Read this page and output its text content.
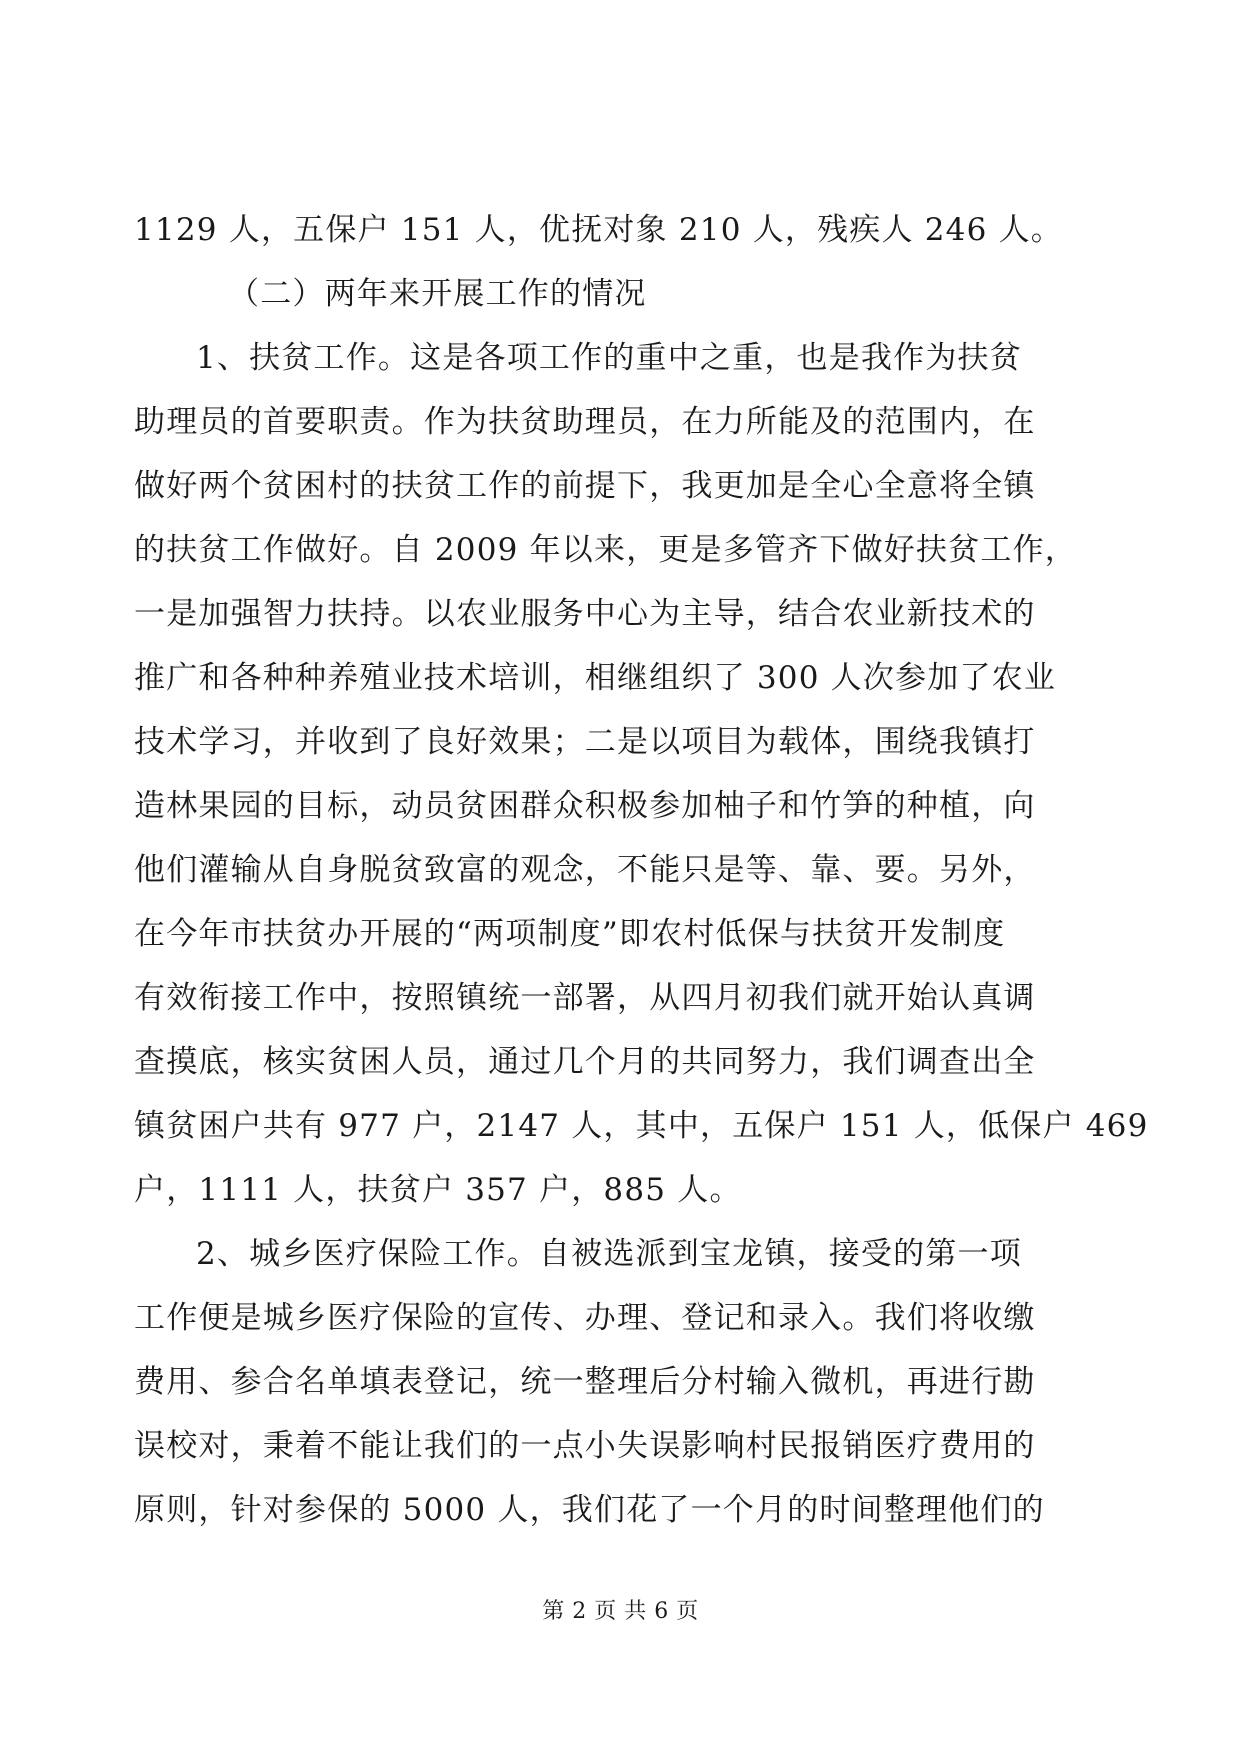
1129 人，五保户 151 人，优抚对象 210 人，残疾人 246 人。
（二）两年来开展工作的情况
1、扶贫工作。这是各项工作的重中之重，也是我作为扶贫
助理员的首要职责。作为扶贫助理员，在力所能及的范围内，在
做好两个贫困村的扶贫工作的前提下，我更加是全心全意将全镇
的扶贫工作做好。自 2009 年以来，更是多管齐下做好扶贫工作，
一是加强智力扶持。以农业服务中心为主导，结合农业新技术的
推广和各种种养殖业技术培训，相继组织了 300 人次参加了农业
技术学习，并收到了良好效果；二是以项目为载体，围绕我镇打
造林果园的目标，动员贫困群众积极参加柚子和竹笋的种植，向
他们灌输从自身脱贫致富的观念，不能只是等、靠、要。另外，
在今年市扶贫办开展的“两项制度”即农村低保与扶贫开发制度
有效衔接工作中，按照镇统一部署，从四月初我们就开始认真调
查摸底，核实贫困人员，通过几个月的共同努力，我们调查出全
镇贫困户共有 977 户，2147 人，其中，五保户 151 人，低保户 469
户，1111 人，扶贫户 357 户，885 人。
2、城乡医疗保险工作。自被选派到宝龙镇，接受的第一项
工作便是城乡医疗保险的宣传、办理、登记和录入。我们将收缴
费用、参合名单填表登记，统一整理后分村输入微机，再进行勘
误校对，秉着不能让我们的一点小失误影响村民报销医疗费用的
原则，针对参保的 5000 人，我们花了一个月的时间整理他们的
第 2 页 共 6 页
